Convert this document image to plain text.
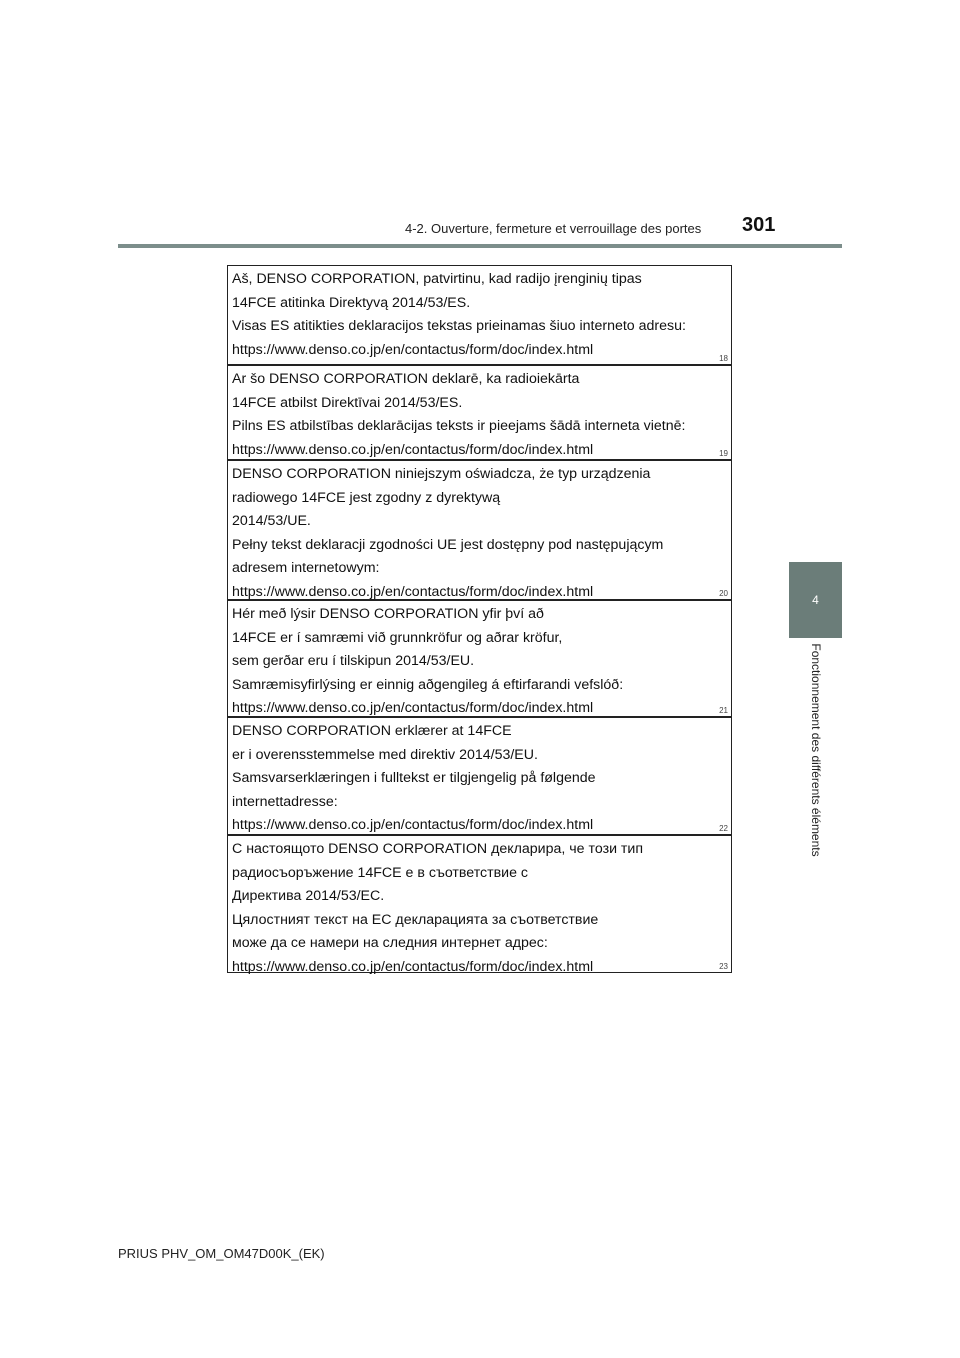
4-2. Ouverture, fermeture et verrouillage des portes 301
4
Fonctionnement des différents éléments
Aš, DENSO CORPORATION, patvirtinu, kad radijo įrenginių tipas
14FCE atitinka Direktyvą 2014/53/ES.
Visas ES atitikties deklaracijos tekstas prieinamas šiuo interneto adresu:
https://www.denso.co.jp/en/contactus/form/doc/index.html
18
Ar šo DENSO CORPORATION deklarē, ka radioiekārta
14FCE atbilst Direktīvai 2014/53/ES.
Pilns ES atbilstības deklarācijas teksts ir pieejams šādā interneta vietnē:
https://www.denso.co.jp/en/contactus/form/doc/index.html	19
DENSO CORPORATION niniejszym oświadcza, że typ urządzenia
radiowego 14FCE jest zgodny z dyrektywą
2014/53/UE.
Pełny tekst deklaracji zgodności UE jest dostępny pod następującym
adresem internetowym:
https://www.denso.co.jp/en/contactus/form/doc/index.html	20
Hér með lýsir DENSO CORPORATION yfir því að
14FCE er í samræmi við grunnkröfur og aðrar kröfur,
sem gerðar eru í tilskipun 2014/53/EU.
Samræmisyfirlýsing er einnig aðgengileg á eftirfarandi vefslóð:
https://www.denso.co.jp/en/contactus/form/doc/index.html	21
DENSO CORPORATION erklærer at 14FCE
er i overensstemmelse med direktiv 2014/53/EU.
Samsvarserklæringen i fulltekst er tilgjengelig på følgende
internettadresse:
https://www.denso.co.jp/en/contactus/form/doc/index.html	22
С настоящото DENSO CORPORATION декларира, че този тип
радиосъоръжение 14FCE е в съответствие с
Директива 2014/53/ЕС.
Цялостният текст на ЕС декларацията за съответствие
може да се намери на следния интернет адрес:
https://www.denso.co.jp/en/contactus/form/doc/index.html	23
PRIUS PHV_OM_OM47D00K_(EK)
